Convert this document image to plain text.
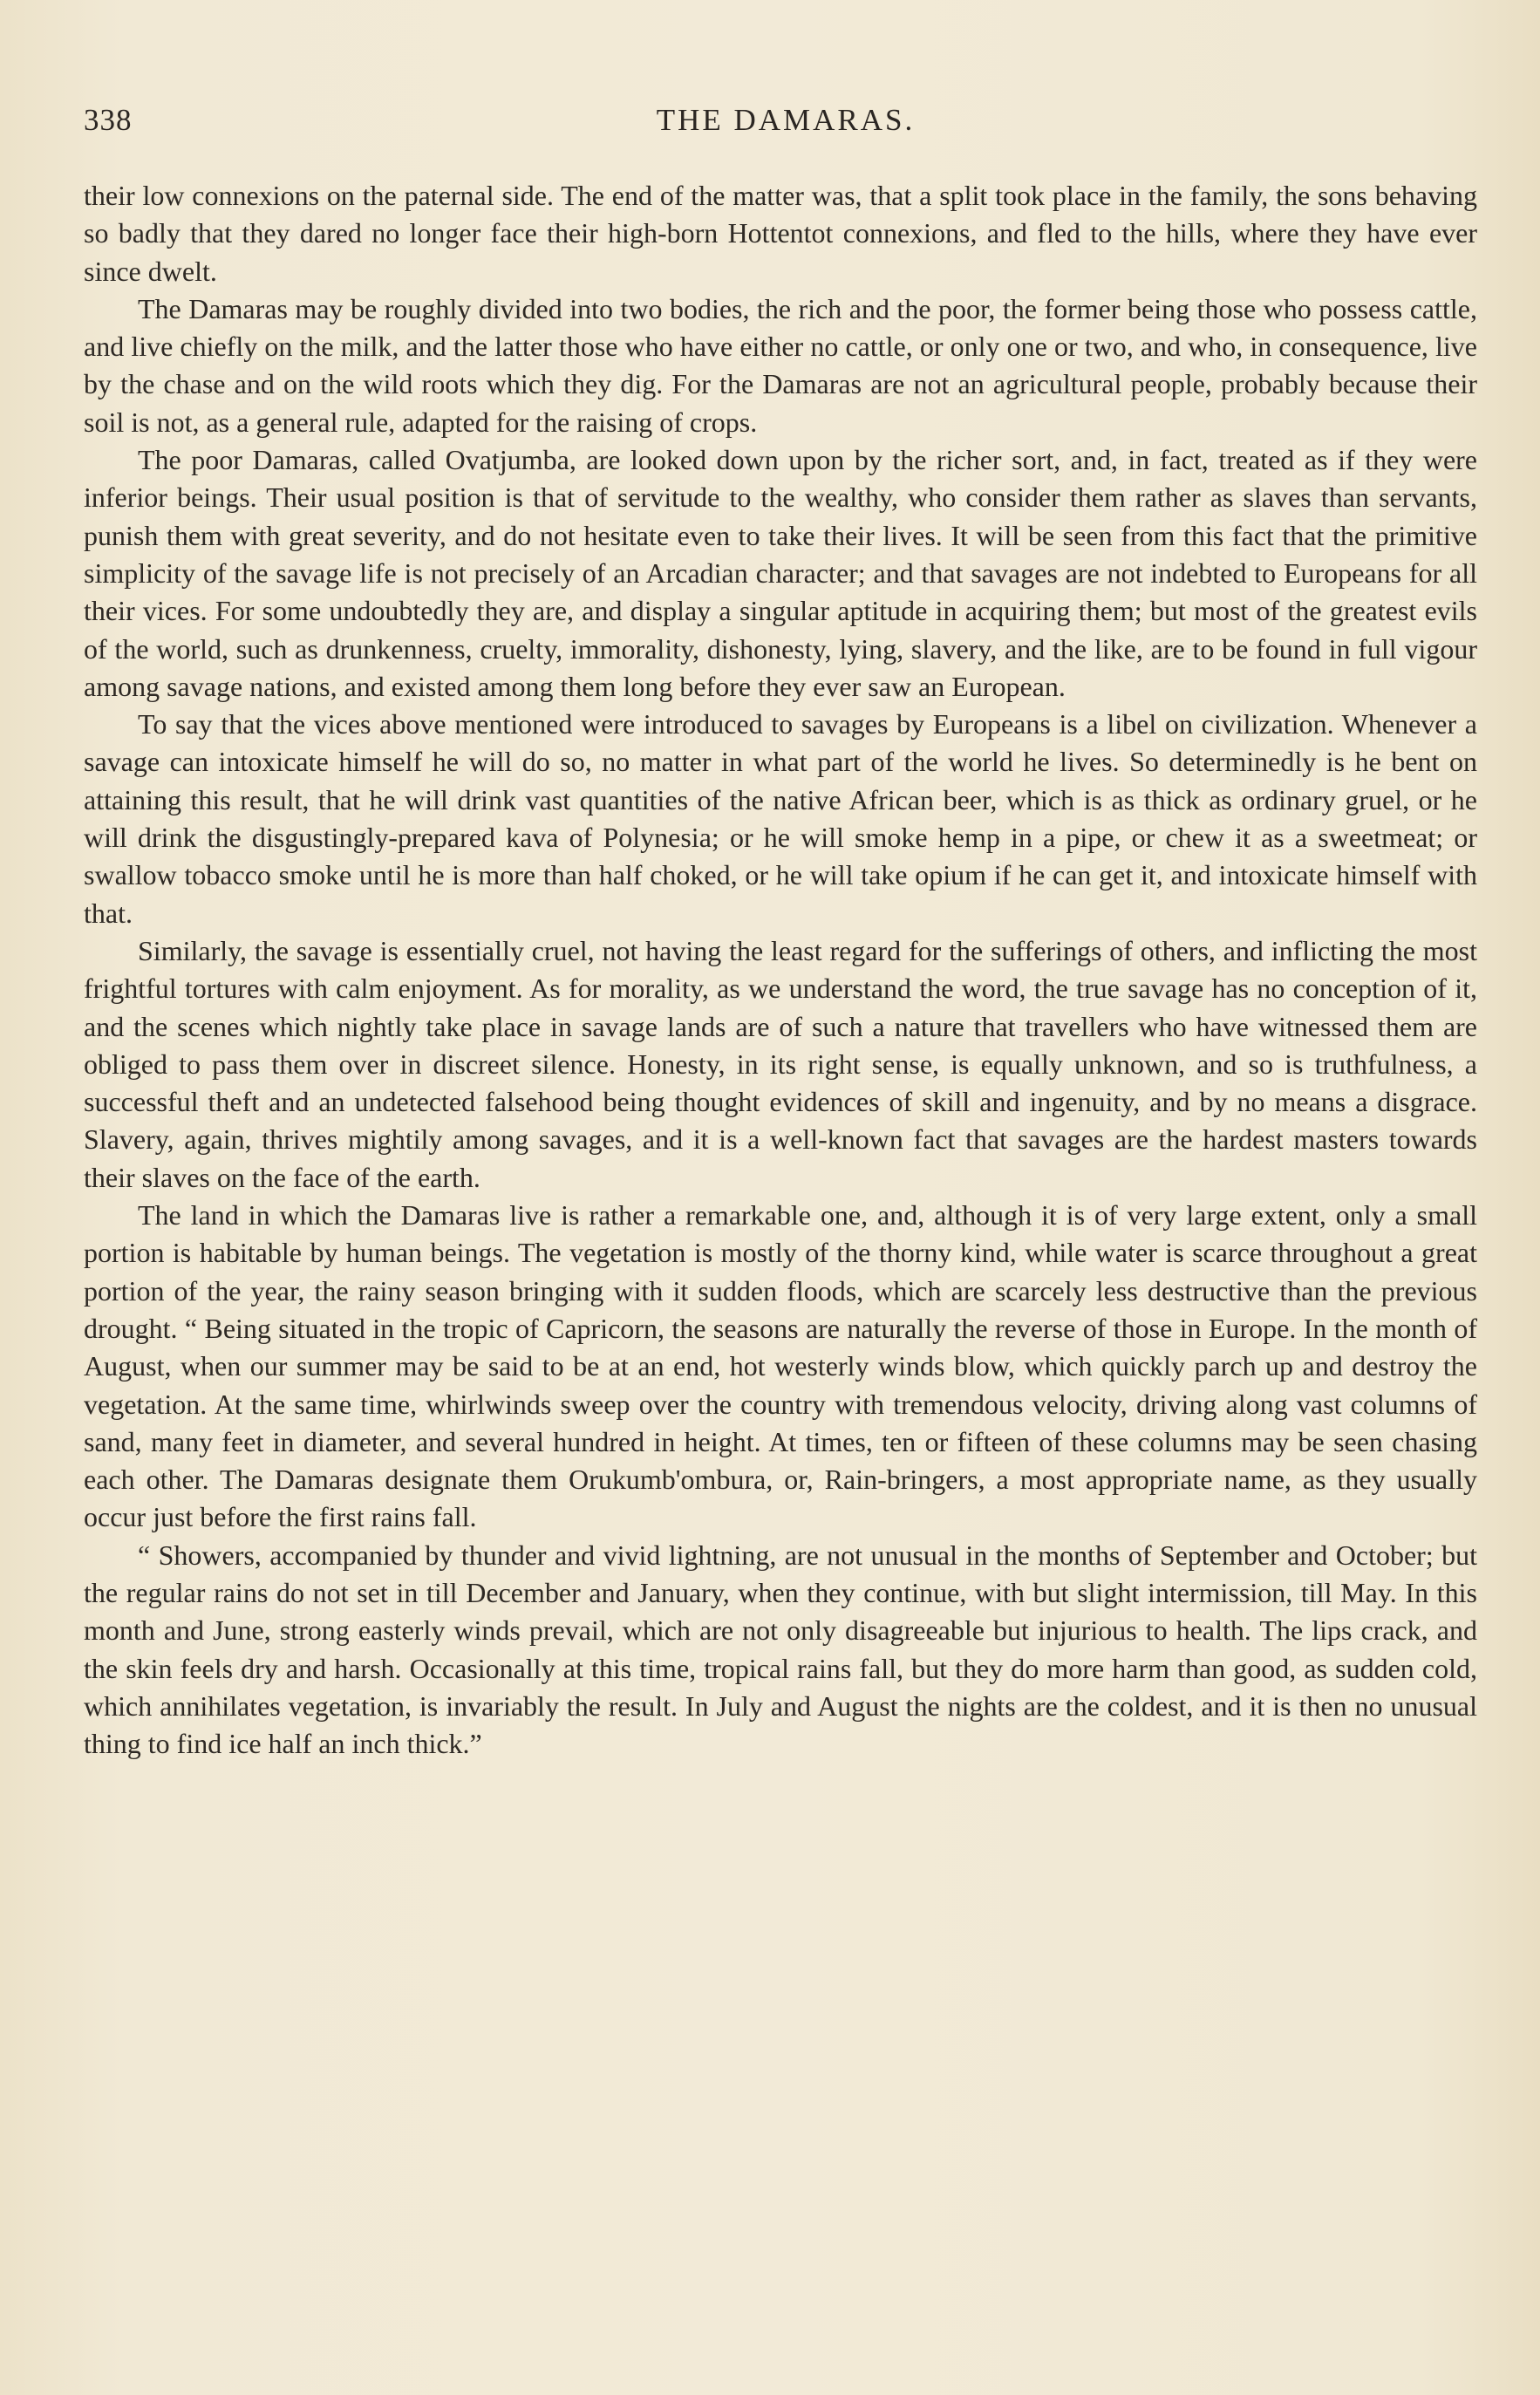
338	THE DAMARAS.

their low connexions on the paternal side. The end of the matter was, that a split took place in the family, the sons behaving so badly that they dared no longer face their high-born Hottentot connexions, and fled to the hills, where they have ever since dwelt.

The Damaras may be roughly divided into two bodies, the rich and the poor, the former being those who possess cattle, and live chiefly on the milk, and the latter those who have either no cattle, or only one or two, and who, in consequence, live by the chase and on the wild roots which they dig. For the Damaras are not an agricultural people, probably because their soil is not, as a general rule, adapted for the raising of crops.

The poor Damaras, called Ovatjumba, are looked down upon by the richer sort, and, in fact, treated as if they were inferior beings. Their usual position is that of servitude to the wealthy, who consider them rather as slaves than servants, punish them with great severity, and do not hesitate even to take their lives. It will be seen from this fact that the primitive simplicity of the savage life is not precisely of an Arcadian character; and that savages are not indebted to Europeans for all their vices. For some undoubtedly they are, and display a singular aptitude in acquiring them; but most of the greatest evils of the world, such as drunkenness, cruelty, immorality, dishonesty, lying, slavery, and the like, are to be found in full vigour among savage nations, and existed among them long before they ever saw an European.

To say that the vices above mentioned were introduced to savages by Europeans is a libel on civilization. Whenever a savage can intoxicate himself he will do so, no matter in what part of the world he lives. So determinedly is he bent on attaining this result, that he will drink vast quantities of the native African beer, which is as thick as ordinary gruel, or he will drink the disgustingly-prepared kava of Polynesia; or he will smoke hemp in a pipe, or chew it as a sweetmeat; or swallow tobacco smoke until he is more than half choked, or he will take opium if he can get it, and intoxicate himself with that.

Similarly, the savage is essentially cruel, not having the least regard for the sufferings of others, and inflicting the most frightful tortures with calm enjoyment. As for morality, as we understand the word, the true savage has no conception of it, and the scenes which nightly take place in savage lands are of such a nature that travellers who have witnessed them are obliged to pass them over in discreet silence. Honesty, in its right sense, is equally unknown, and so is truthfulness, a successful theft and an undetected falsehood being thought evidences of skill and ingenuity, and by no means a disgrace. Slavery, again, thrives mightily among savages, and it is a well-known fact that savages are the hardest masters towards their slaves on the face of the earth.

The land in which the Damaras live is rather a remarkable one, and, although it is of very large extent, only a small portion is habitable by human beings. The vegetation is mostly of the thorny kind, while water is scarce throughout a great portion of the year, the rainy season bringing with it sudden floods, which are scarcely less destructive than the previous drought. “ Being situated in the tropic of Capricorn, the seasons are naturally the reverse of those in Europe. In the month of August, when our summer may be said to be at an end, hot westerly winds blow, which quickly parch up and destroy the vegetation. At the same time, whirlwinds sweep over the country with tremendous velocity, driving along vast columns of sand, many feet in diameter, and several hundred in height. At times, ten or fifteen of these columns may be seen chasing each other. The Damaras designate them Orukumb'ombura, or, Rain-bringers, a most appropriate name, as they usually occur just before the first rains fall.

“ Showers, accompanied by thunder and vivid lightning, are not unusual in the months of September and October; but the regular rains do not set in till December and January, when they continue, with but slight intermission, till May. In this month and June, strong easterly winds prevail, which are not only disagreeable but injurious to health. The lips crack, and the skin feels dry and harsh. Occasionally at this time, tropical rains fall, but they do more harm than good, as sudden cold, which annihilates vegetation, is invariably the result. In July and August the nights are the coldest, and it is then no unusual thing to find ice half an inch thick.”
